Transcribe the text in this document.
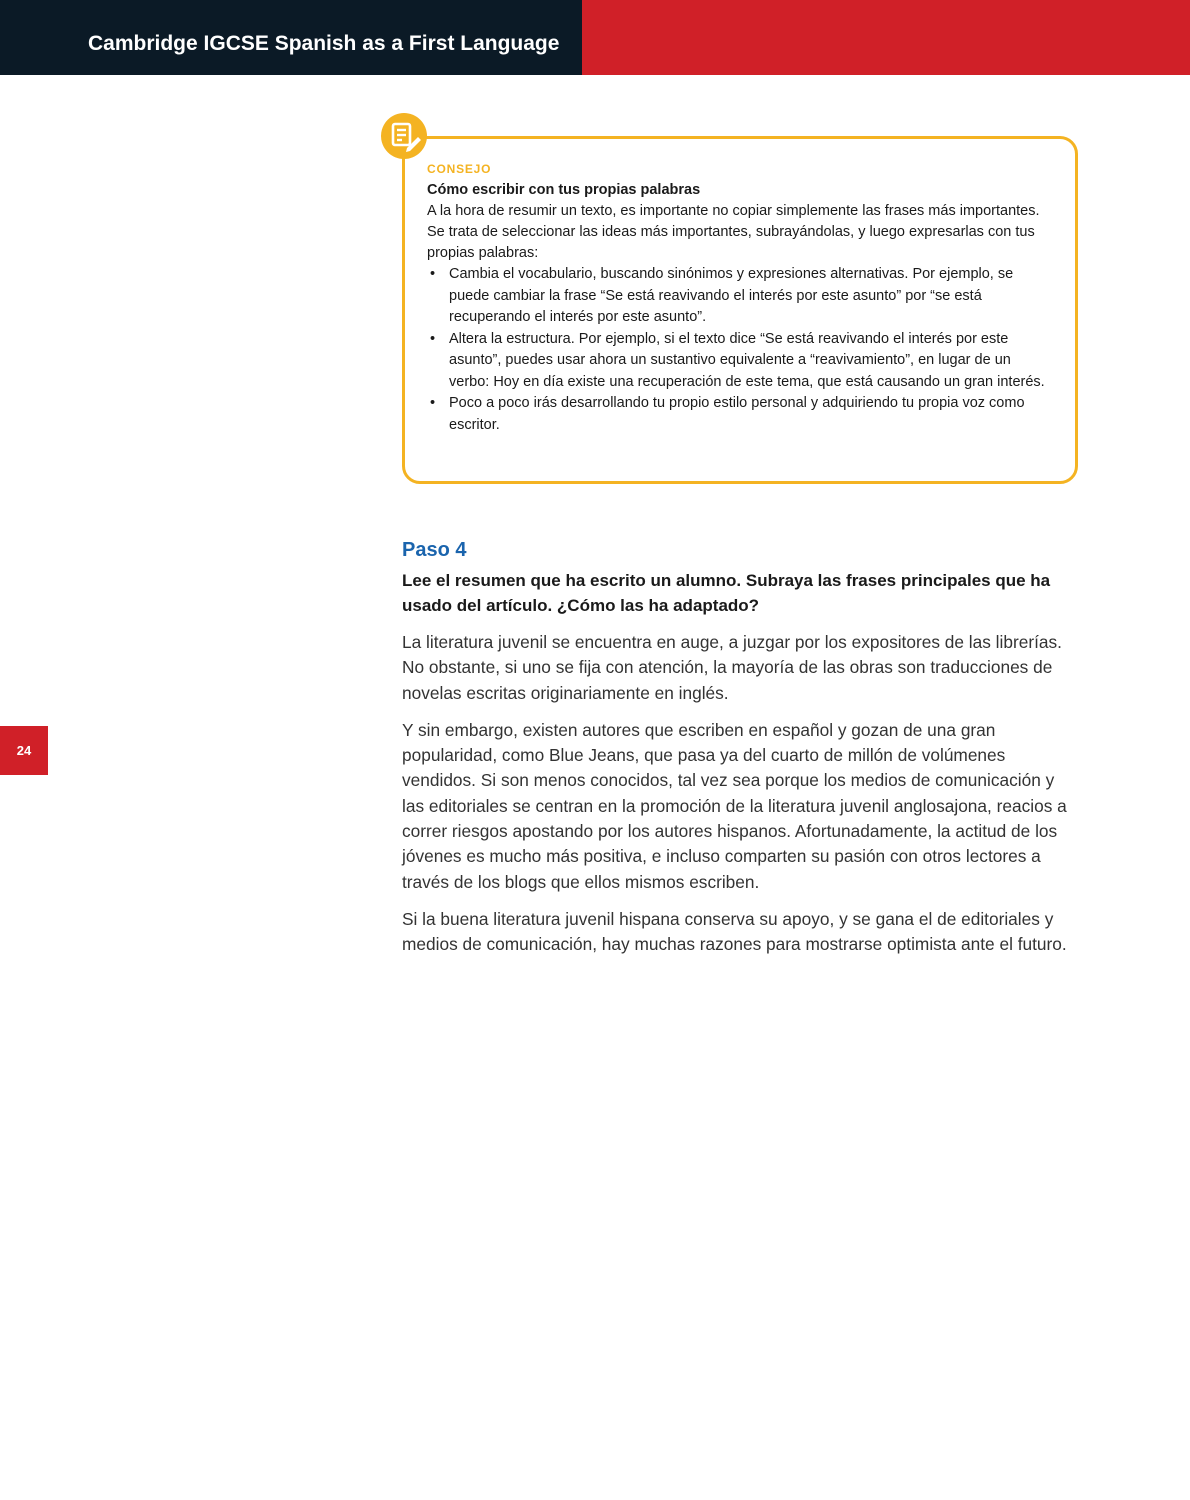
Cambridge IGCSE Spanish as a First Language
24
CONSEJO
Cómo escribir con tus propias palabras

A la hora de resumir un texto, es importante no copiar simplemente las frases más importantes. Se trata de seleccionar las ideas más importantes, subrayándolas, y luego expresarlas con tus propias palabras:

• Cambia el vocabulario, buscando sinónimos y expresiones alternativas. Por ejemplo, se puede cambiar la frase “Se está reavivando el interés por este asunto” por “se está recuperando el interés por este asunto”.
• Altera la estructura. Por ejemplo, si el texto dice “Se está reavivando el interés por este asunto”, puedes usar ahora un sustantivo equivalente a “reavivamiento”, en lugar de un verbo: Hoy en día existe una recuperación de este tema, que está causando un gran interés.
• Poco a poco irás desarrollando tu propio estilo personal y adquiriendo tu propia voz como escritor.
Paso 4

Lee el resumen que ha escrito un alumno. Subraya las frases principales que ha usado del artículo. ¿Cómo las ha adaptado?

La literatura juvenil se encuentra en auge, a juzgar por los expositores de las librerías. No obstante, si uno se fija con atención, la mayoría de las obras son traducciones de novelas escritas originariamente en inglés.

Y sin embargo, existen autores que escriben en español y gozan de una gran popularidad, como Blue Jeans, que pasa ya del cuarto de millón de volúmenes vendidos. Si son menos conocidos, tal vez sea porque los medios de comunicación y las editoriales se centran en la promoción de la literatura juvenil anglosajona, reacios a correr riesgos apostando por los autores hispanos. Afortunadamente, la actitud de los jóvenes es mucho más positiva, e incluso comparten su pasión con otros lectores a través de los blogs que ellos mismos escriben.

Si la buena literatura juvenil hispana conserva su apoyo, y se gana el de editoriales y medios de comunicación, hay muchas razones para mostrarse optimista ante el futuro.
